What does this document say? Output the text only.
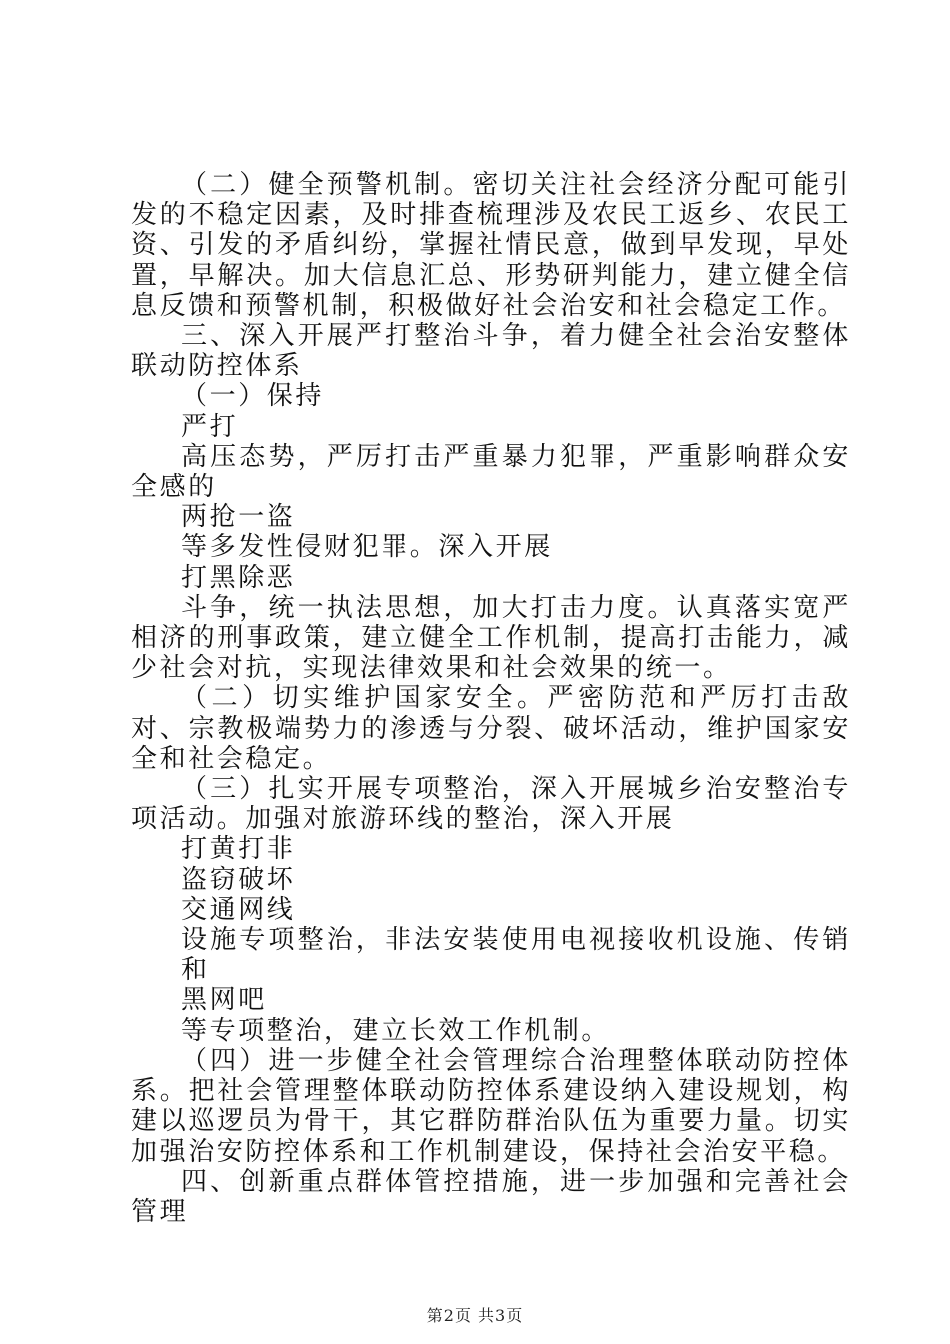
（二）健全预警机制。密切关注社会经济分配可能引发的不稳定因素，及时排查梳理涉及农民工返乡、农民工资、引发的矛盾纠纷，掌握社情民意，做到早发现，早处置，早解决。加大信息汇总、形势研判能力，建立健全信息反馈和预警机制，积极做好社会治安和社会稳定工作。

三、深入开展严打整治斗争，着力健全社会治安整体联动防控体系

（一）保持

严打

高压态势，严厉打击严重暴力犯罪，严重影响群众安全感的

两抢一盗

等多发性侵财犯罪。深入开展

打黑除恶

斗争，统一执法思想，加大打击力度。认真落实宽严相济的刑事政策，建立健全工作机制，提高打击能力，减少社会对抗，实现法律效果和社会效果的统一。

（二）切实维护国家安全。严密防范和严厉打击敌对、宗教极端势力的渗透与分裂、破坏活动，维护国家安全和社会稳定。

（三）扎实开展专项整治，深入开展城乡治安整治专项活动。加强对旅游环线的整治，深入开展

打黄打非

盗窃破坏

交通网线

设施专项整治，非法安装使用电视接收机设施、传销和

黑网吧

等专项整治，建立长效工作机制。

（四）进一步健全社会管理综合治理整体联动防控体系。把社会管理整体联动防控体系建设纳入建设规划，构建以巡逻员为骨干，其它群防群治队伍为重要力量。切实加强治安防控体系和工作机制建设，保持社会治安平稳。

四、创新重点群体管控措施，进一步加强和完善社会管理

第2页 共3页
